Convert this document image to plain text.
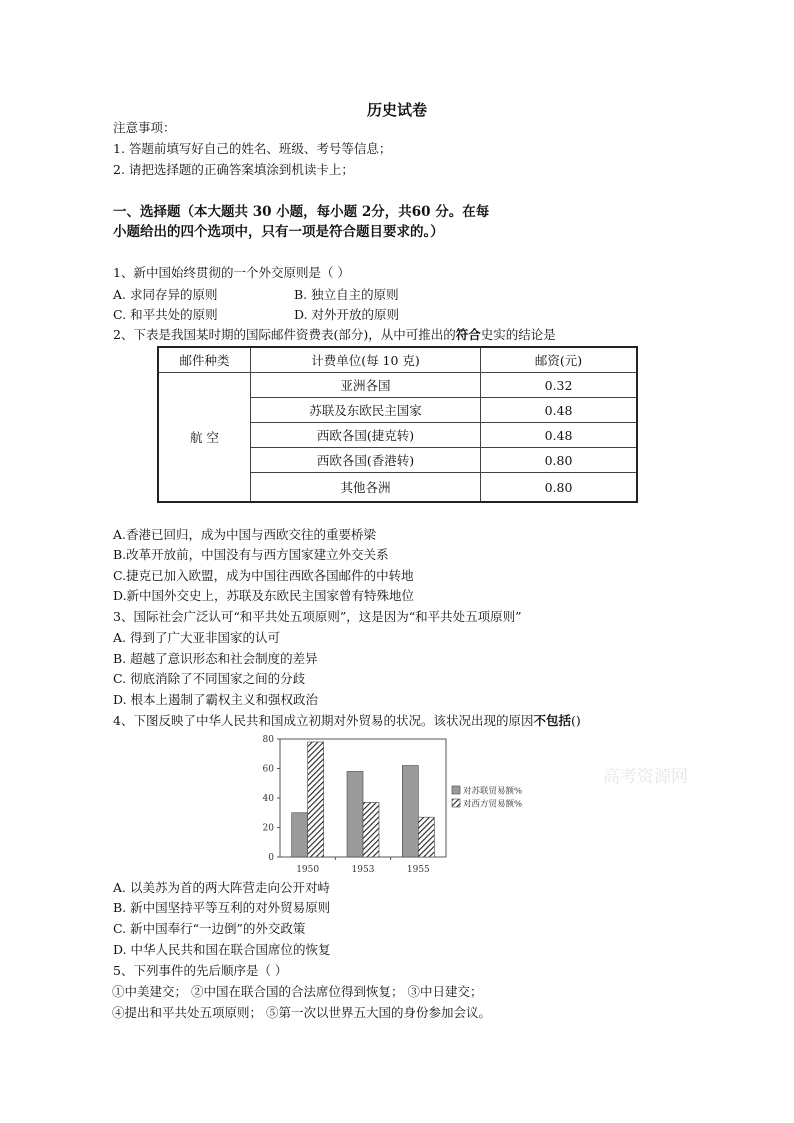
历史试卷
注意事项：
1. 答题前填写好自己的姓名、班级、考号等信息；
2. 请把选择题的正确答案填涂到机读卡上；
一、选择题（本大题共 30 小题，每小题 2分，共60 分。在每
小题给出的四个选项中，只有一项是符合题目要求的。）
1、新中国始终贯彻的一个外交原则是（ ）
A. 求同存异的原则	B. 独立自主的原则
C. 和平共处的原则	D. 对外开放的原则
2、下表是我国某时期的国际邮件资费表(部分)，从中可推出的符合史实的结论是
邮件种类	计费单位(每 10 克)	邮资(元)
航 空	亚洲各国	0.32
	苏联及东欧民主国家	0.48
	西欧各国(捷克转)	0.48
	西欧各国(香港转)	0.80
	其他各洲	0.80
A.香港已回归，成为中国与西欧交往的重要桥梁
B.改革开放前，中国没有与西方国家建立外交关系
C.捷克已加入欧盟，成为中国往西欧各国邮件的中转地
D.新中国外交史上，苏联及东欧民主国家曾有特殊地位
3、国际社会广泛认可“和平共处五项原则”，这是因为“和平共处五项原则”
A. 得到了广大亚非国家的认可
B. 超越了意识形态和社会制度的差异
C. 彻底消除了不同国家之间的分歧
D. 根本上遏制了霸权主义和强权政治
4、下图反映了中华人民共和国成立初期对外贸易的状况。该状况出现的原因不包括()
0
20
40
60
80
1950	1953	1955
对苏联贸易额%
对西方贸易额%
高考资源网
A. 以美苏为首的两大阵营走向公开对峙
B. 新中国坚持平等互利的对外贸易原则
C. 新中国奉行“一边倒”的外交政策
D. 中华人民共和国在联合国席位的恢复
5、下列事件的先后顺序是（ ）
①中美建交； ②中国在联合国的合法席位得到恢复； ③中日建交；
④提出和平共处五项原则； ⑤第一次以世界五大国的身份参加会议。
